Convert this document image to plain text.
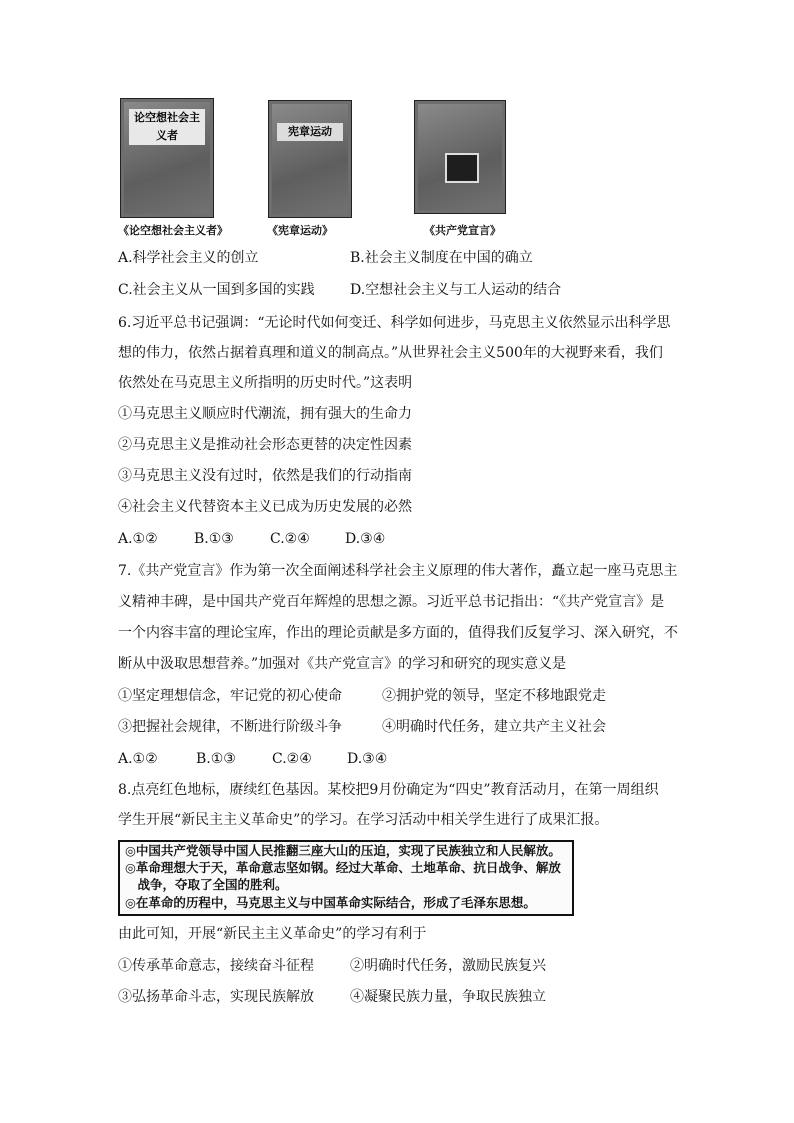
论空想社会主义者
《论空想社会主义者》
宪章运动
《宪章运动》	《共产党宣言》
A.科学社会主义的创立	B.社会主义制度在中国的确立
C.社会主义从一国到多国的实践	D.空想社会主义与工人运动的结合
6.习近平总书记强调：“无论时代如何变迁、科学如何进步，马克思主义依然显示出科学思
想的伟力，依然占据着真理和道义的制高点。”从世界社会主义500年的大视野来看，我们
依然处在马克思主义所指明的历史时代。”这表明
①马克思主义顺应时代潮流，拥有强大的生命力
②马克思主义是推动社会形态更替的决定性因素
③马克思主义没有过时，依然是我们的行动指南
④社会主义代替资本主义已成为历史发展的必然
A.①②	B.①③	C.②④	D.③④
7.《共产党宣言》作为第一次全面阐述科学社会主义原理的伟大著作，矗立起一座马克思主
义精神丰碑，是中国共产党百年辉煌的思想之源。习近平总书记指出：“《共产党宣言》是
一个内容丰富的理论宝库，作出的理论贡献是多方面的，值得我们反复学习、深入研究，不
断从中汲取思想营养。”加强对《共产党宣言》的学习和研究的现实意义是
①坚定理想信念，牢记党的初心使命	②拥护党的领导，坚定不移地跟党走
③把握社会规律，不断进行阶级斗争	④明确时代任务，建立共产主义社会
A.①②	B.①③	C.②④	D.③④
8.点亮红色地标，赓续红色基因。某校把9月份确定为“四史”教育活动月，在第一周组织
学生开展“新民主主义革命史”的学习。在学习活动中相关学生进行了成果汇报。
◎中国共产党领导中国人民推翻三座大山的压迫，实现了民族独立和人民解放。
◎革命理想大于天，革命意志坚如钢。经过大革命、土地革命、抗日战争、解放
　战争，夺取了全国的胜利。
◎在革命的历程中，马克思主义与中国革命实际结合，形成了毛泽东思想。
由此可知，开展“新民主主义革命史”的学习有利于
①传承革命意志，接续奋斗征程	②明确时代任务，激励民族复兴
③弘扬革命斗志，实现民族解放	④凝聚民族力量，争取民族独立
